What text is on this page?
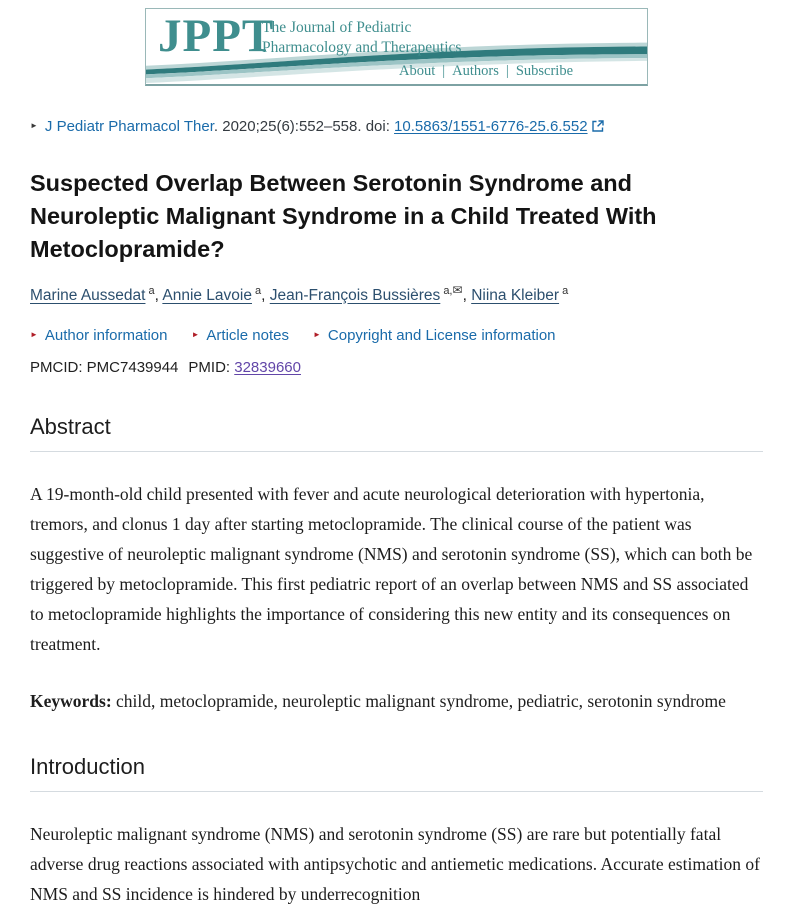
JPPT
The Journal of Pediatric
Pharmacology and Therapeutics
About | Authors | Subscribe
► J Pediatr Pharmacol Ther. 2020;25(6):552–558. doi: 10.5863/1551-6776-25.6.552
Suspected Overlap Between Serotonin Syndrome and Neuroleptic Malignant Syndrome in a Child Treated With Metoclopramide?
Marine Aussedat $^a$, Annie Lavoie $^a$, Jean-François Bussières $^{a,✉}$, Niina Kleiber $^a$
► Author information	► Article notes	► Copyright and License information
PMCID: PMC7439944 PMID: 32839660
Abstract

A 19-month-old child presented with fever and acute neurological deterioration with hypertonia, tremors, and clonus 1 day after starting metoclopramide. The clinical course of the patient was suggestive of neuroleptic malignant syndrome (NMS) and serotonin syndrome (SS), which can both be triggered by metoclopramide. This first pediatric report of an overlap between NMS and SS associated to metoclopramide highlights the importance of considering this new entity and its consequences on treatment.

Keywords: child, metoclopramide, neuroleptic malignant syndrome, pediatric, serotonin syndrome

Introduction

Neuroleptic malignant syndrome (NMS) and serotonin syndrome (SS) are rare but potentially fatal adverse drug reactions associated with antipsychotic and antiemetic medications. Accurate estimation of NMS and SS incidence is hindered by underrecognition
